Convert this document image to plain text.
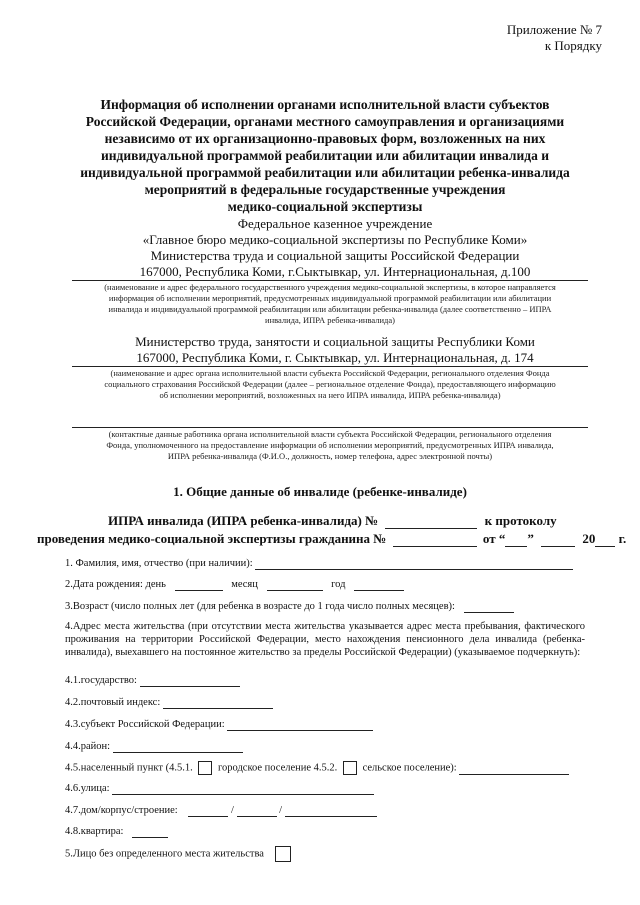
Приложение № 7
к Порядку
Информация об исполнении органами исполнительной власти субъектов
Российской Федерации, органами местного самоуправления и организациями
независимо от их организационно-правовых форм, возложенных на них
индивидуальной программой реабилитации или абилитации инвалида и
индивидуальной программой реабилитации или абилитации ребенка-инвалида
мероприятий в федеральные государственные учреждения
медико-социальной экспертизы
Федеральное казенное учреждение
«Главное бюро медико-социальной экспертизы по Республике Коми»
Министерства труда и социальной защиты Российской Федерации
167000, Республика Коми, г.Сыктывкар, ул. Интернациональная, д.100
(наименование и адрес федерального государственного учреждения медико-социальной экспертизы, в которое направляется
информация об исполнении мероприятий, предусмотренных индивидуальной программой реабилитации или абилитации
инвалида и индивидуальной программой реабилитации или абилитации ребенка-инвалида (далее соответственно – ИПРА
инвалида, ИПРА ребенка-инвалида)
Министерство труда, занятости и социальной защиты Республики Коми
167000, Республика Коми, г. Сыктывкар, ул. Интернациональная, д. 174
(наименование и адрес органа исполнительной власти субъекта Российской Федерации, регионального отделения Фонда
социального страхования Российской Федерации (далее – региональное отделение Фонда), предоставляющего информацию
об исполнении мероприятий, возложенных на него ИПРА инвалида, ИПРА ребенка-инвалида)
(контактные данные работника органа исполнительной власти субъекта Российской Федерации, регионального отделения
Фонда, уполномоченного на предоставление информации об исполнении мероприятий, предусмотренных ИПРА инвалида,
ИПРА ребенка-инвалида (Ф.И.О., должность, номер телефона, адрес электронной почты)
1. Общие данные об инвалиде (ребенке-инвалиде)
ИПРА инвалида (ИПРА ребенка-инвалида) №	к протоколу
проведения медико-социальной экспертизы гражданина №	от “ ”	20 г.
1. Фамилия, имя, отчество (при наличии):
2.Дата рождения: день	месяц	год
3.Возраст (число полных лет (для ребенка в возрасте до 1 года число полных месяцев):
4.Адрес места жительства (при отсутствии места жительства указывается адрес места пребывания, фактического проживания на территории Российской Федерации, место нахождения пенсионного дела инвалида (ребенка-инвалида), выехавшего на постоянное жительство за пределы Российской Федерации) (указываемое подчеркнуть):
4.1.государство:
4.2.почтовый индекс:
4.3.субъект Российской Федерации:
4.4.район:
4.5.населенный пункт (4.5.1. городское поселение 4.5.2. сельское поселение):
4.6.улица:
4.7.дом/корпус/строение:	/	/
4.8.квартира:
5.Лицо без определенного места жительства
